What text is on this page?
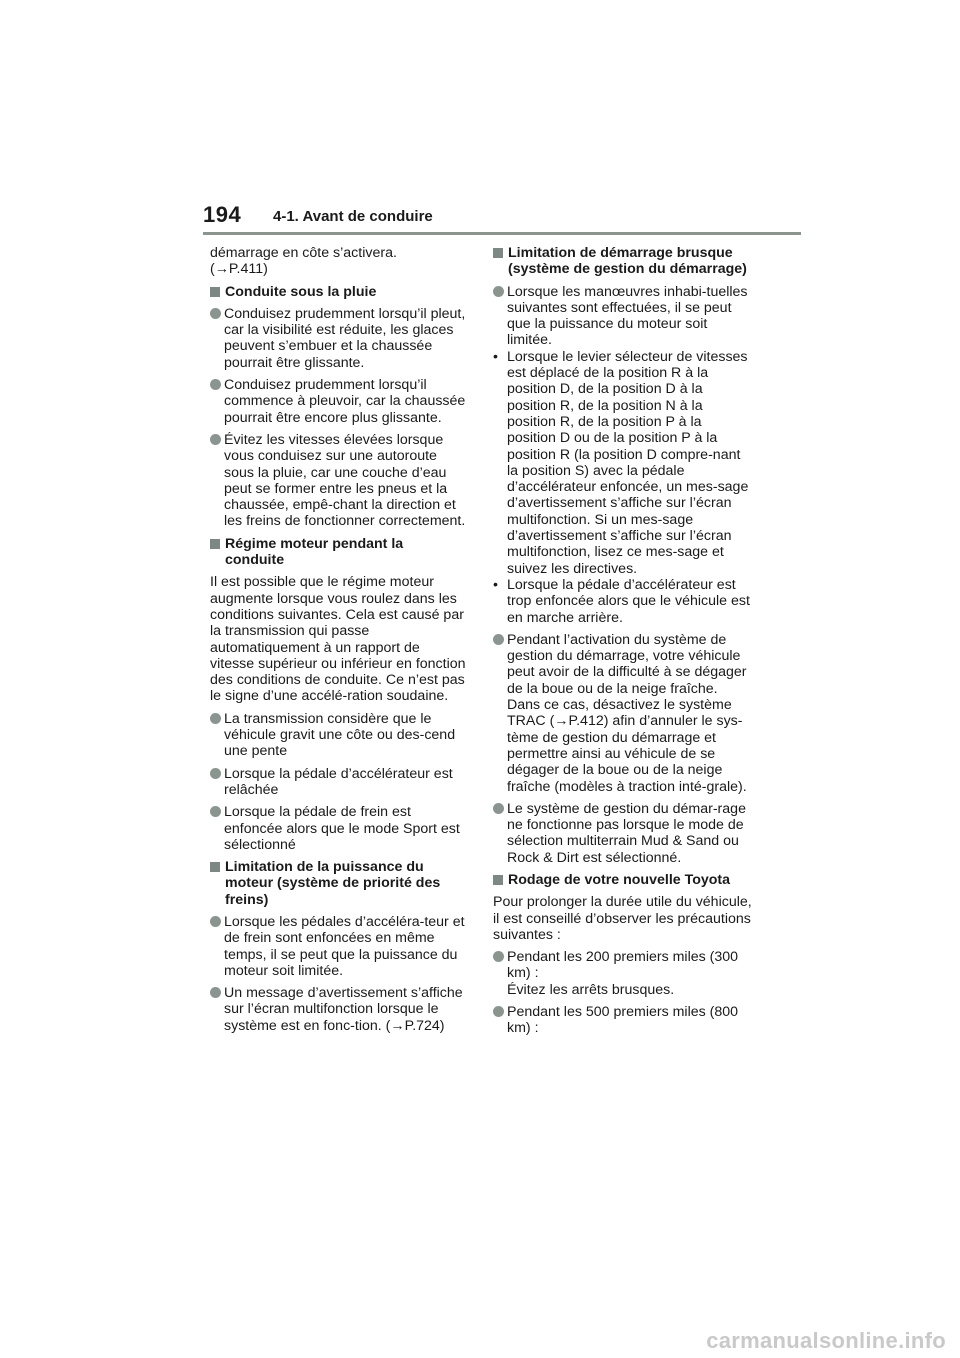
194 4-1. Avant de conduire

démarrage en côte s’activera.
(→P.411)

Conduite sous la pluie
Conduisez prudemment lorsqu’il pleut, car la visibilité est réduite, les glaces peuvent s’embuer et la chaussée pourrait être glissante.
Conduisez prudemment lorsqu’il commence à pleuvoir, car la chaussée pourrait être encore plus glissante.
Évitez les vitesses élevées lorsque vous conduisez sur une autoroute sous la pluie, car une couche d’eau peut se former entre les pneus et la chaussée, empê-chant la direction et les freins de fonctionner correctement.
Régime moteur pendant la conduite

Il est possible que le régime moteur augmente lorsque vous roulez dans les conditions suivantes. Cela est causé par la transmission qui passe automatiquement à un rapport de vitesse supérieur ou inférieur en fonction des conditions de conduite. Ce n’est pas le signe d’une accélé-ration soudaine.

La transmission considère que le véhicule gravit une côte ou des-cend une pente
Lorsque la pédale d’accélérateur est relâchée
Lorsque la pédale de frein est enfoncée alors que le mode Sport est sélectionné
Limitation de la puissance du moteur (système de priorité des freins)
Lorsque les pédales d’accéléra-teur et de frein sont enfoncées en même temps, il se peut que la puissance du moteur soit limitée.
Un message d’avertissement s’affiche sur l’écran multifonction lorsque le système est en fonc-tion. (→P.724)
Limitation de démarrage brusque (système de gestion du démarrage)
Lorsque les manœuvres inhabi-tuelles suivantes sont effectuées, il se peut que la puissance du moteur soit limitée.
• Lorsque le levier sélecteur de vitesses est déplacé de la position R à la position D, de la position D à la position R, de la position N à la position R, de la position P à la position D ou de la position P à la position R (la position D compre-nant la position S) avec la pédale d’accélérateur enfoncée, un mes-sage d’avertissement s’affiche sur l’écran multifonction. Si un mes-sage d’avertissement s’affiche sur l’écran multifonction, lisez ce mes-sage et suivez les directives.
• Lorsque la pédale d’accélérateur est trop enfoncée alors que le véhicule est en marche arrière.
Pendant l’activation du système de gestion du démarrage, votre véhicule peut avoir de la difficulté à se dégager de la boue ou de la neige fraîche. Dans ce cas, désactivez le système TRAC (→P.412) afin d’annuler le sys-tème de gestion du démarrage et permettre ainsi au véhicule de se dégager de la boue ou de la neige fraîche (modèles à traction inté-grale).
Le système de gestion du démar-rage ne fonctionne pas lorsque le mode de sélection multiterrain Mud & Sand ou Rock & Dirt est sélectionné.
Rodage de votre nouvelle Toyota

Pour prolonger la durée utile du véhicule, il est conseillé d’observer les précautions suivantes :

Pendant les 200 premiers miles (300 km) :
Évitez les arrêts brusques.
Pendant les 500 premiers miles (800 km) :
carmanualsonline.info
